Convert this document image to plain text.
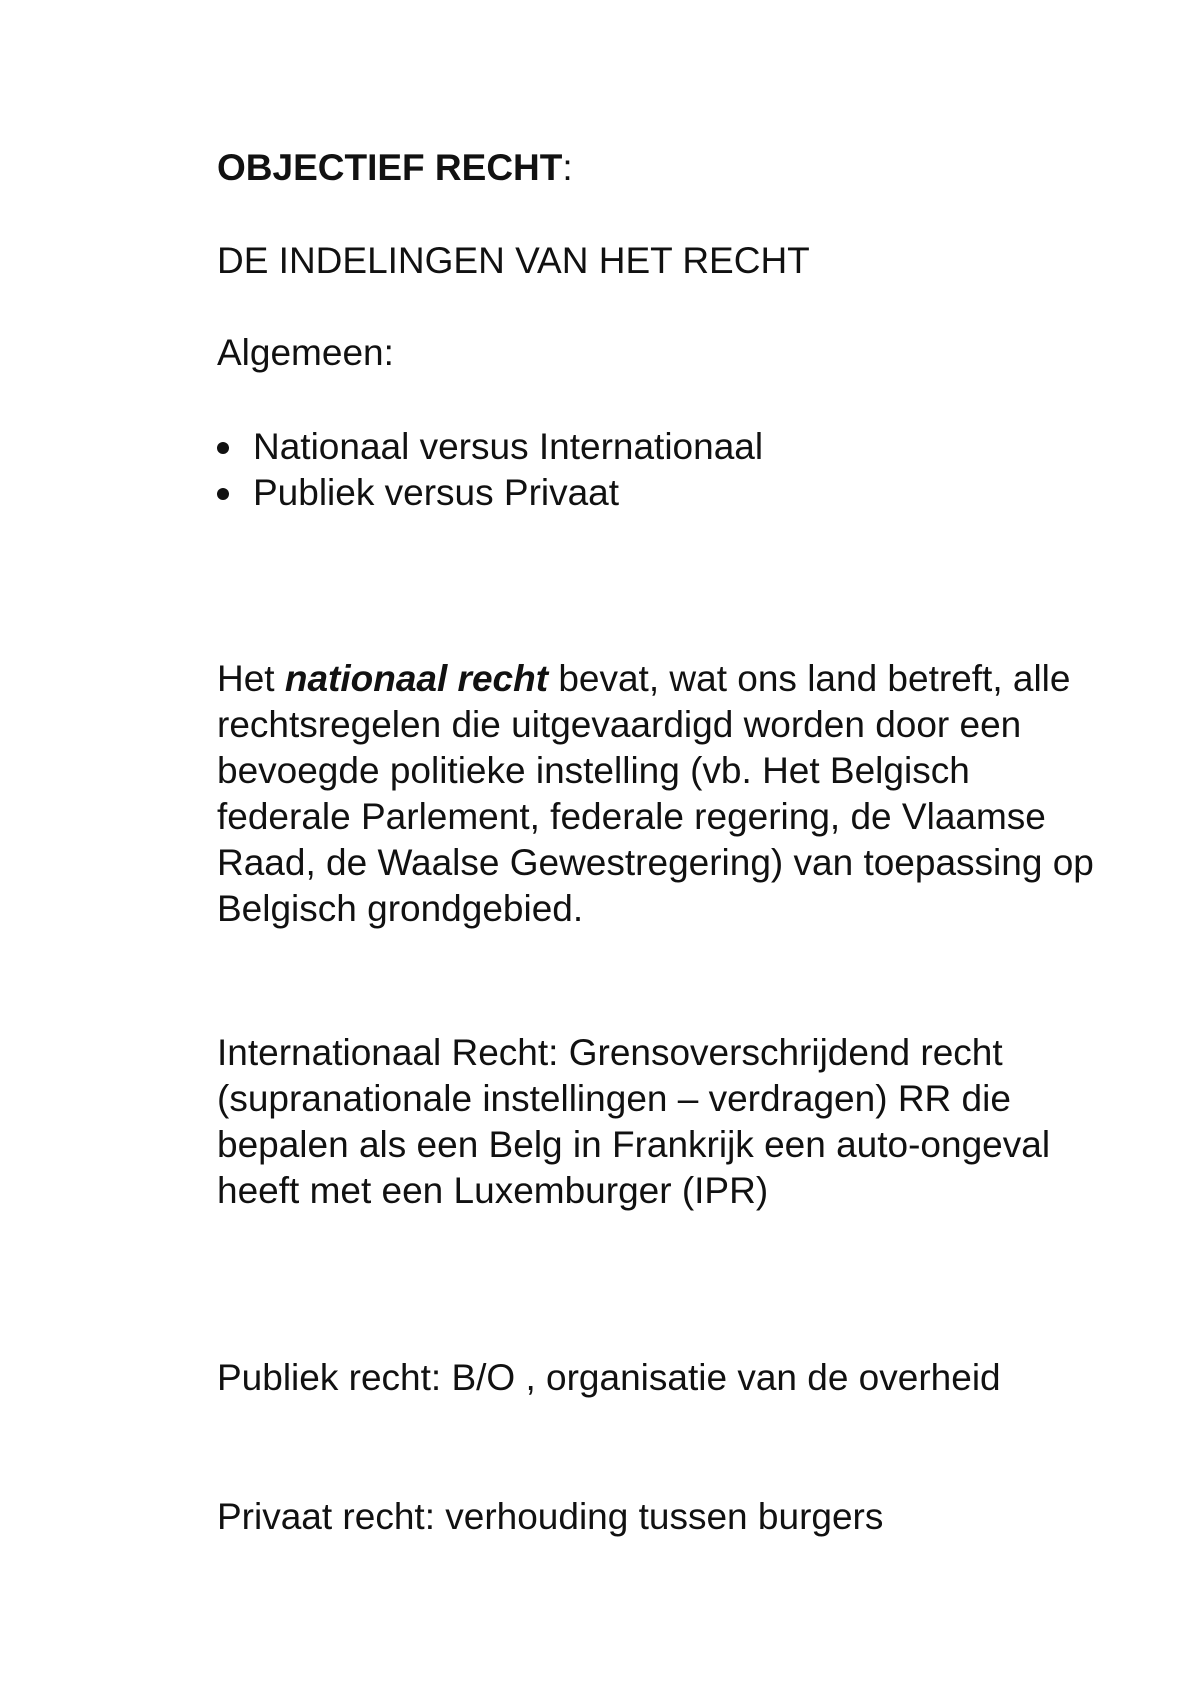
OBJECTIEF RECHT:
DE INDELINGEN VAN HET RECHT
Algemeen:
Nationaal versus Internationaal
Publiek versus Privaat

Het nationaal recht bevat, wat ons land betreft, alle rechtsregelen die uitgevaardigd worden door een bevoegde politieke instelling (vb. Het Belgisch federale Parlement, federale regering, de Vlaamse Raad, de Waalse Gewestregering) van toepassing op Belgisch grondgebied.

Internationaal Recht: Grensoverschrijdend recht (supranationale instellingen – verdragen) RR die bepalen als een Belg in Frankrijk een auto-ongeval heeft met een Luxemburger (IPR)

Publiek recht: B/O , organisatie van de overheid

Privaat recht: verhouding tussen burgers
